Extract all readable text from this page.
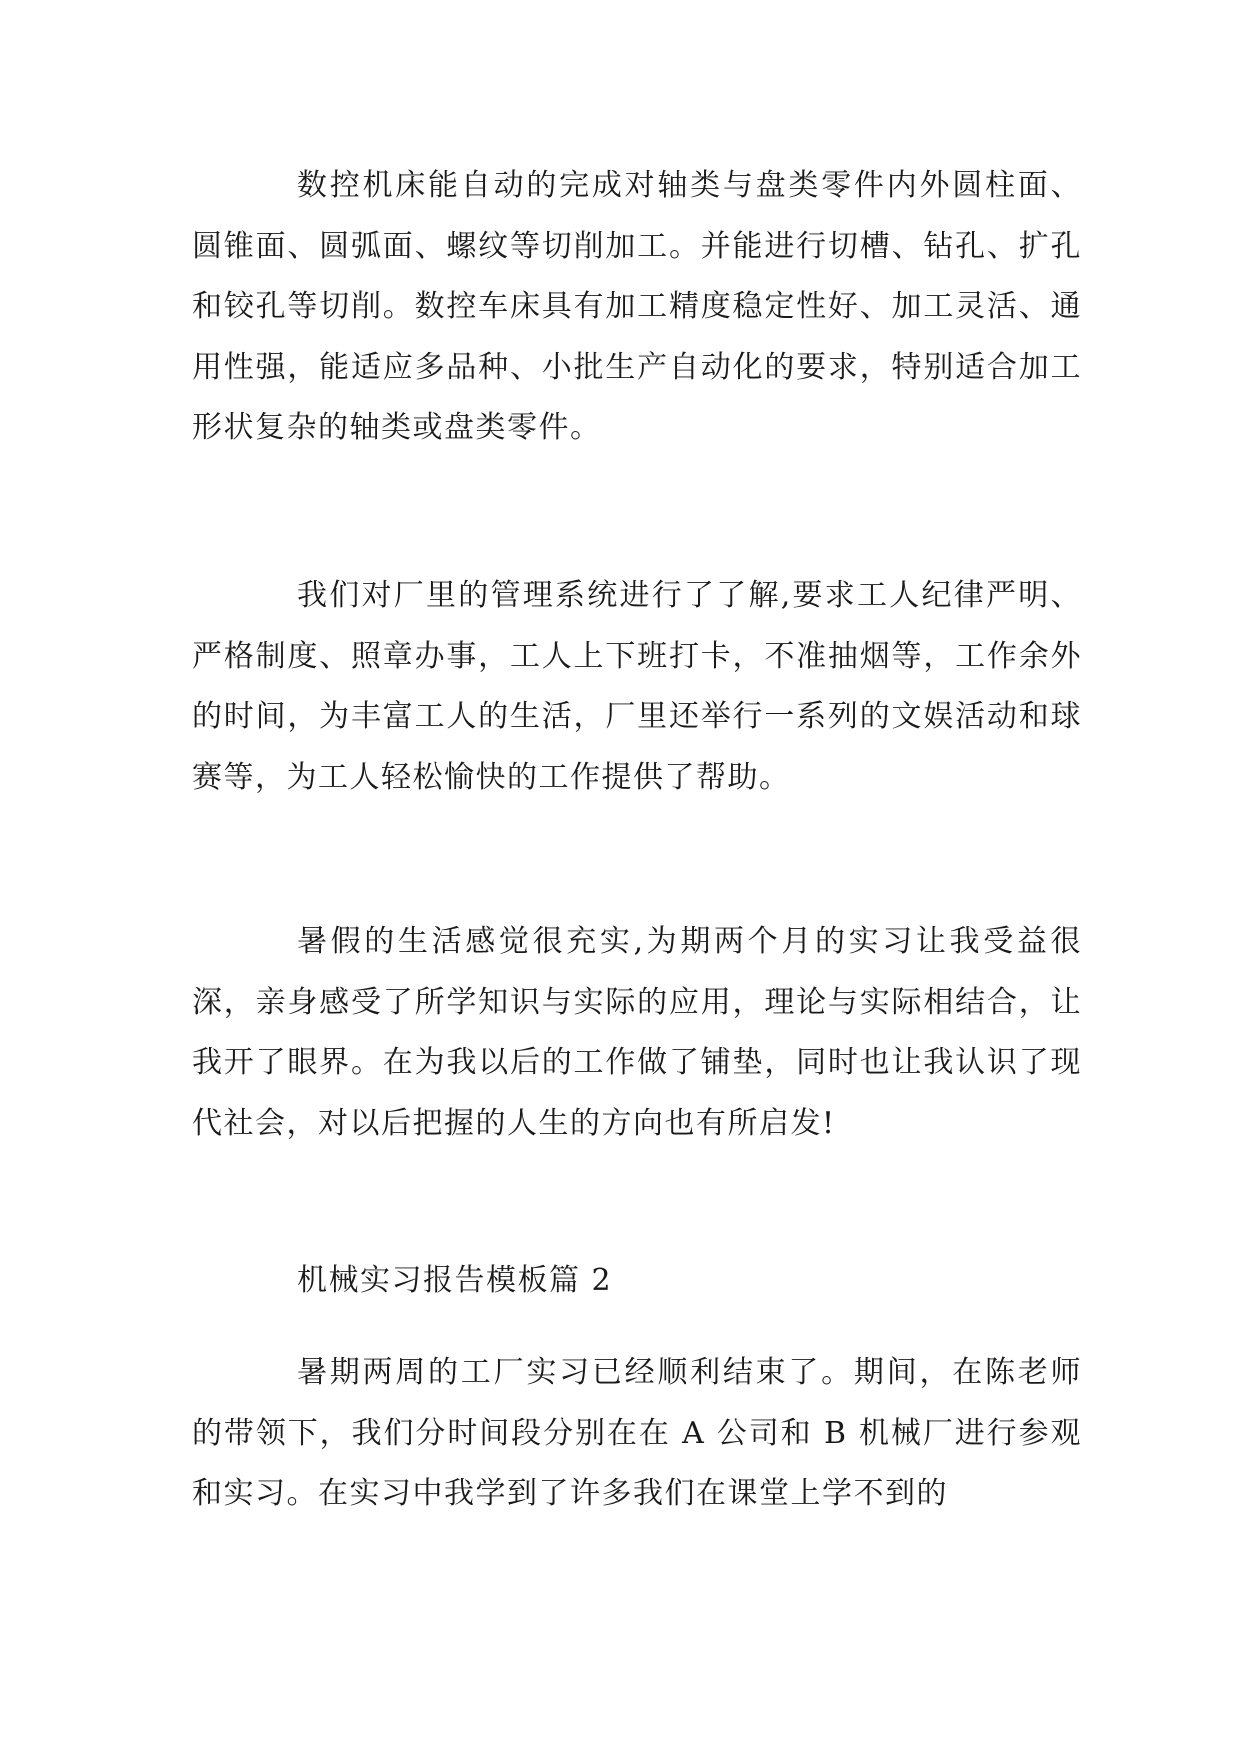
数控机床能自动的完成对轴类与盘类零件内外圆柱面、圆锥面、圆弧面、螺纹等切削加工。并能进行切槽、钻孔、扩孔和铰孔等切削。数控车床具有加工精度稳定性好、加工灵活、通用性强，能适应多品种、小批生产自动化的要求，特别适合加工形状复杂的轴类或盘类零件。

我们对厂里的管理系统进行了了解,要求工人纪律严明、严格制度、照章办事，工人上下班打卡，不准抽烟等，工作余外的时间，为丰富工人的生活，厂里还举行一系列的文娱活动和球赛等，为工人轻松愉快的工作提供了帮助。

暑假的生活感觉很充实,为期两个月的实习让我受益很深，亲身感受了所学知识与实际的应用，理论与实际相结合，让我开了眼界。在为我以后的工作做了铺垫，同时也让我认识了现代社会，对以后把握的人生的方向也有所启发!

机械实习报告模板篇 2

暑期两周的工厂实习已经顺利结束了。期间，在陈老师的带领下，我们分时间段分别在在 A 公司和 B 机械厂进行参观和实习。在实习中我学到了许多我们在课堂上学不到的
